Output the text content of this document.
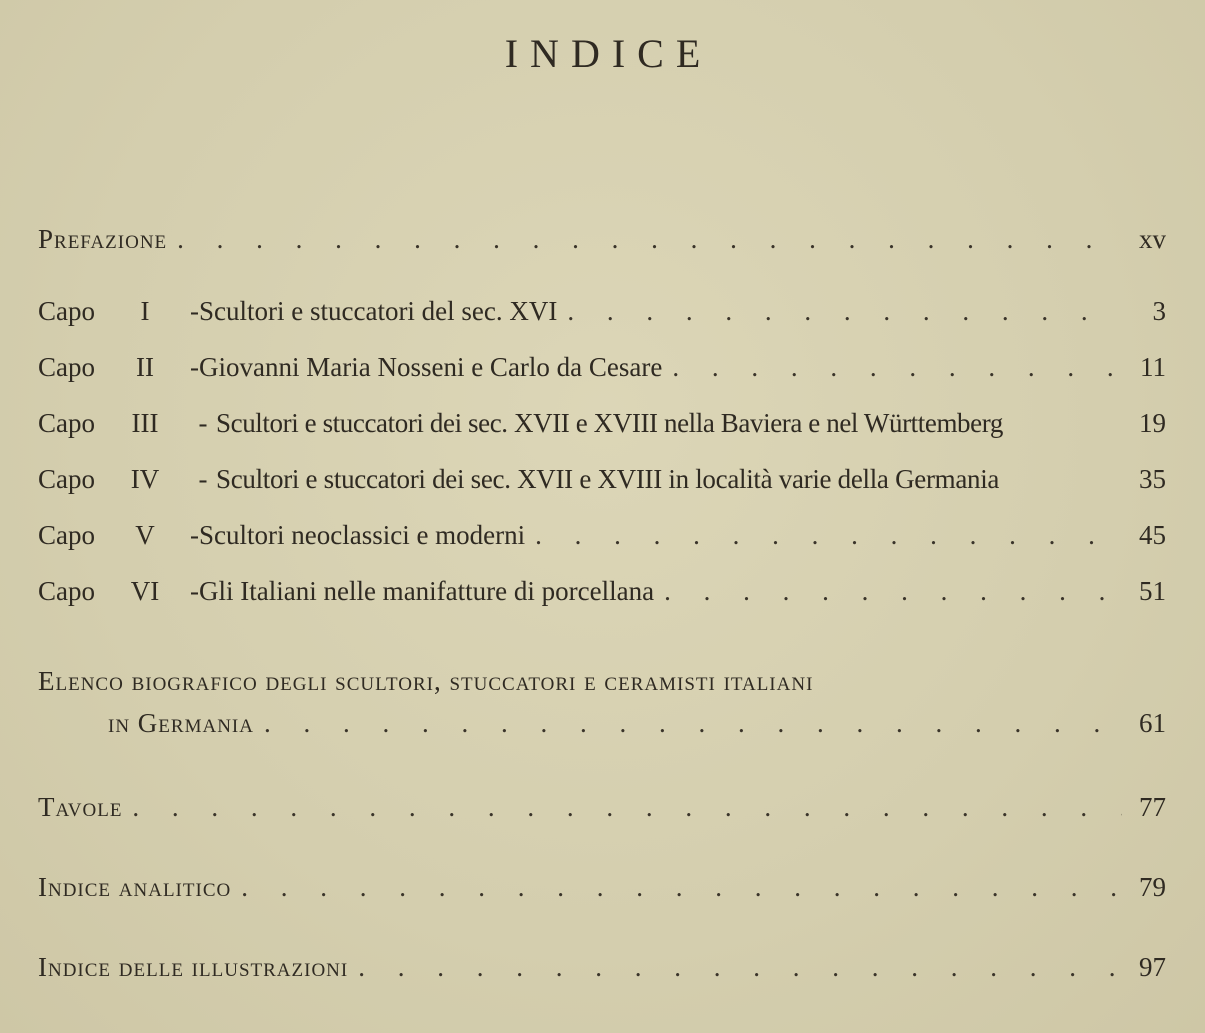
INDICE
Prefazione . . .	xv
Capo I	- Scultori e stuccatori del sec. XVI . . .	3
Capo II	- Giovanni Maria Nosseni e Carlo da Cesare . . .	11
Capo III	- Scultori e stuccatori dei sec. XVII e XVIII nella Baviera e nel Württemberg	19
Capo IV	- Scultori e stuccatori dei sec. XVII e XVIII in località varie della Germania	35
Capo V	- Scultori neoclassici e moderni . . .	45
Capo VI	- Gli Italiani nelle manifatture di porcellana . . .	51
Elenco biografico degli scultori, stuccatori e ceramisti italiani
in Germania . . .	61
Tavole . . .	77
Indice analitico . . .	79
Indice delle illustrazioni . . .	97
